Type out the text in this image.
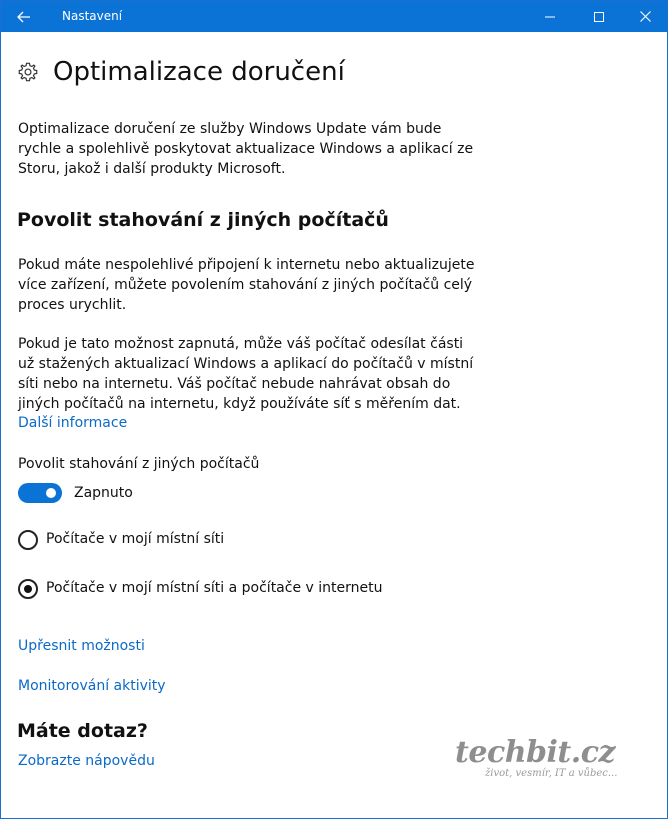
Nastavení
Optimalizace doručení

Optimalizace doručení ze služby Windows Update vám bude rychle a spolehlivě poskytovat aktualizace Windows a aplikací ze Storu, jakož i další produkty Microsoft.

Povolit stahování z jiných počítačů

Pokud máte nespolehlivé připojení k internetu nebo aktualizujete více zařízení, můžete povolením stahování z jiných počítačů celý proces urychlit.

Pokud je tato možnost zapnutá, může váš počítač odesílat části už stažených aktualizací Windows a aplikací do počítačů v místní síti nebo na internetu. Váš počítač nebude nahrávat obsah do jiných počítačů na internetu, když používáte síť s měřením dat.

Další informace
Povolit stahování z jiných počítačů
Zapnuto
Počítače v mojí místní síti
Počítače v mojí místní síti a počítače v internetu
Upřesnit možnosti
Monitorování aktivity
Máte dotaz?
Zobrazte nápovědu	techbit.cz
život, vesmír, IT a vůbec...
